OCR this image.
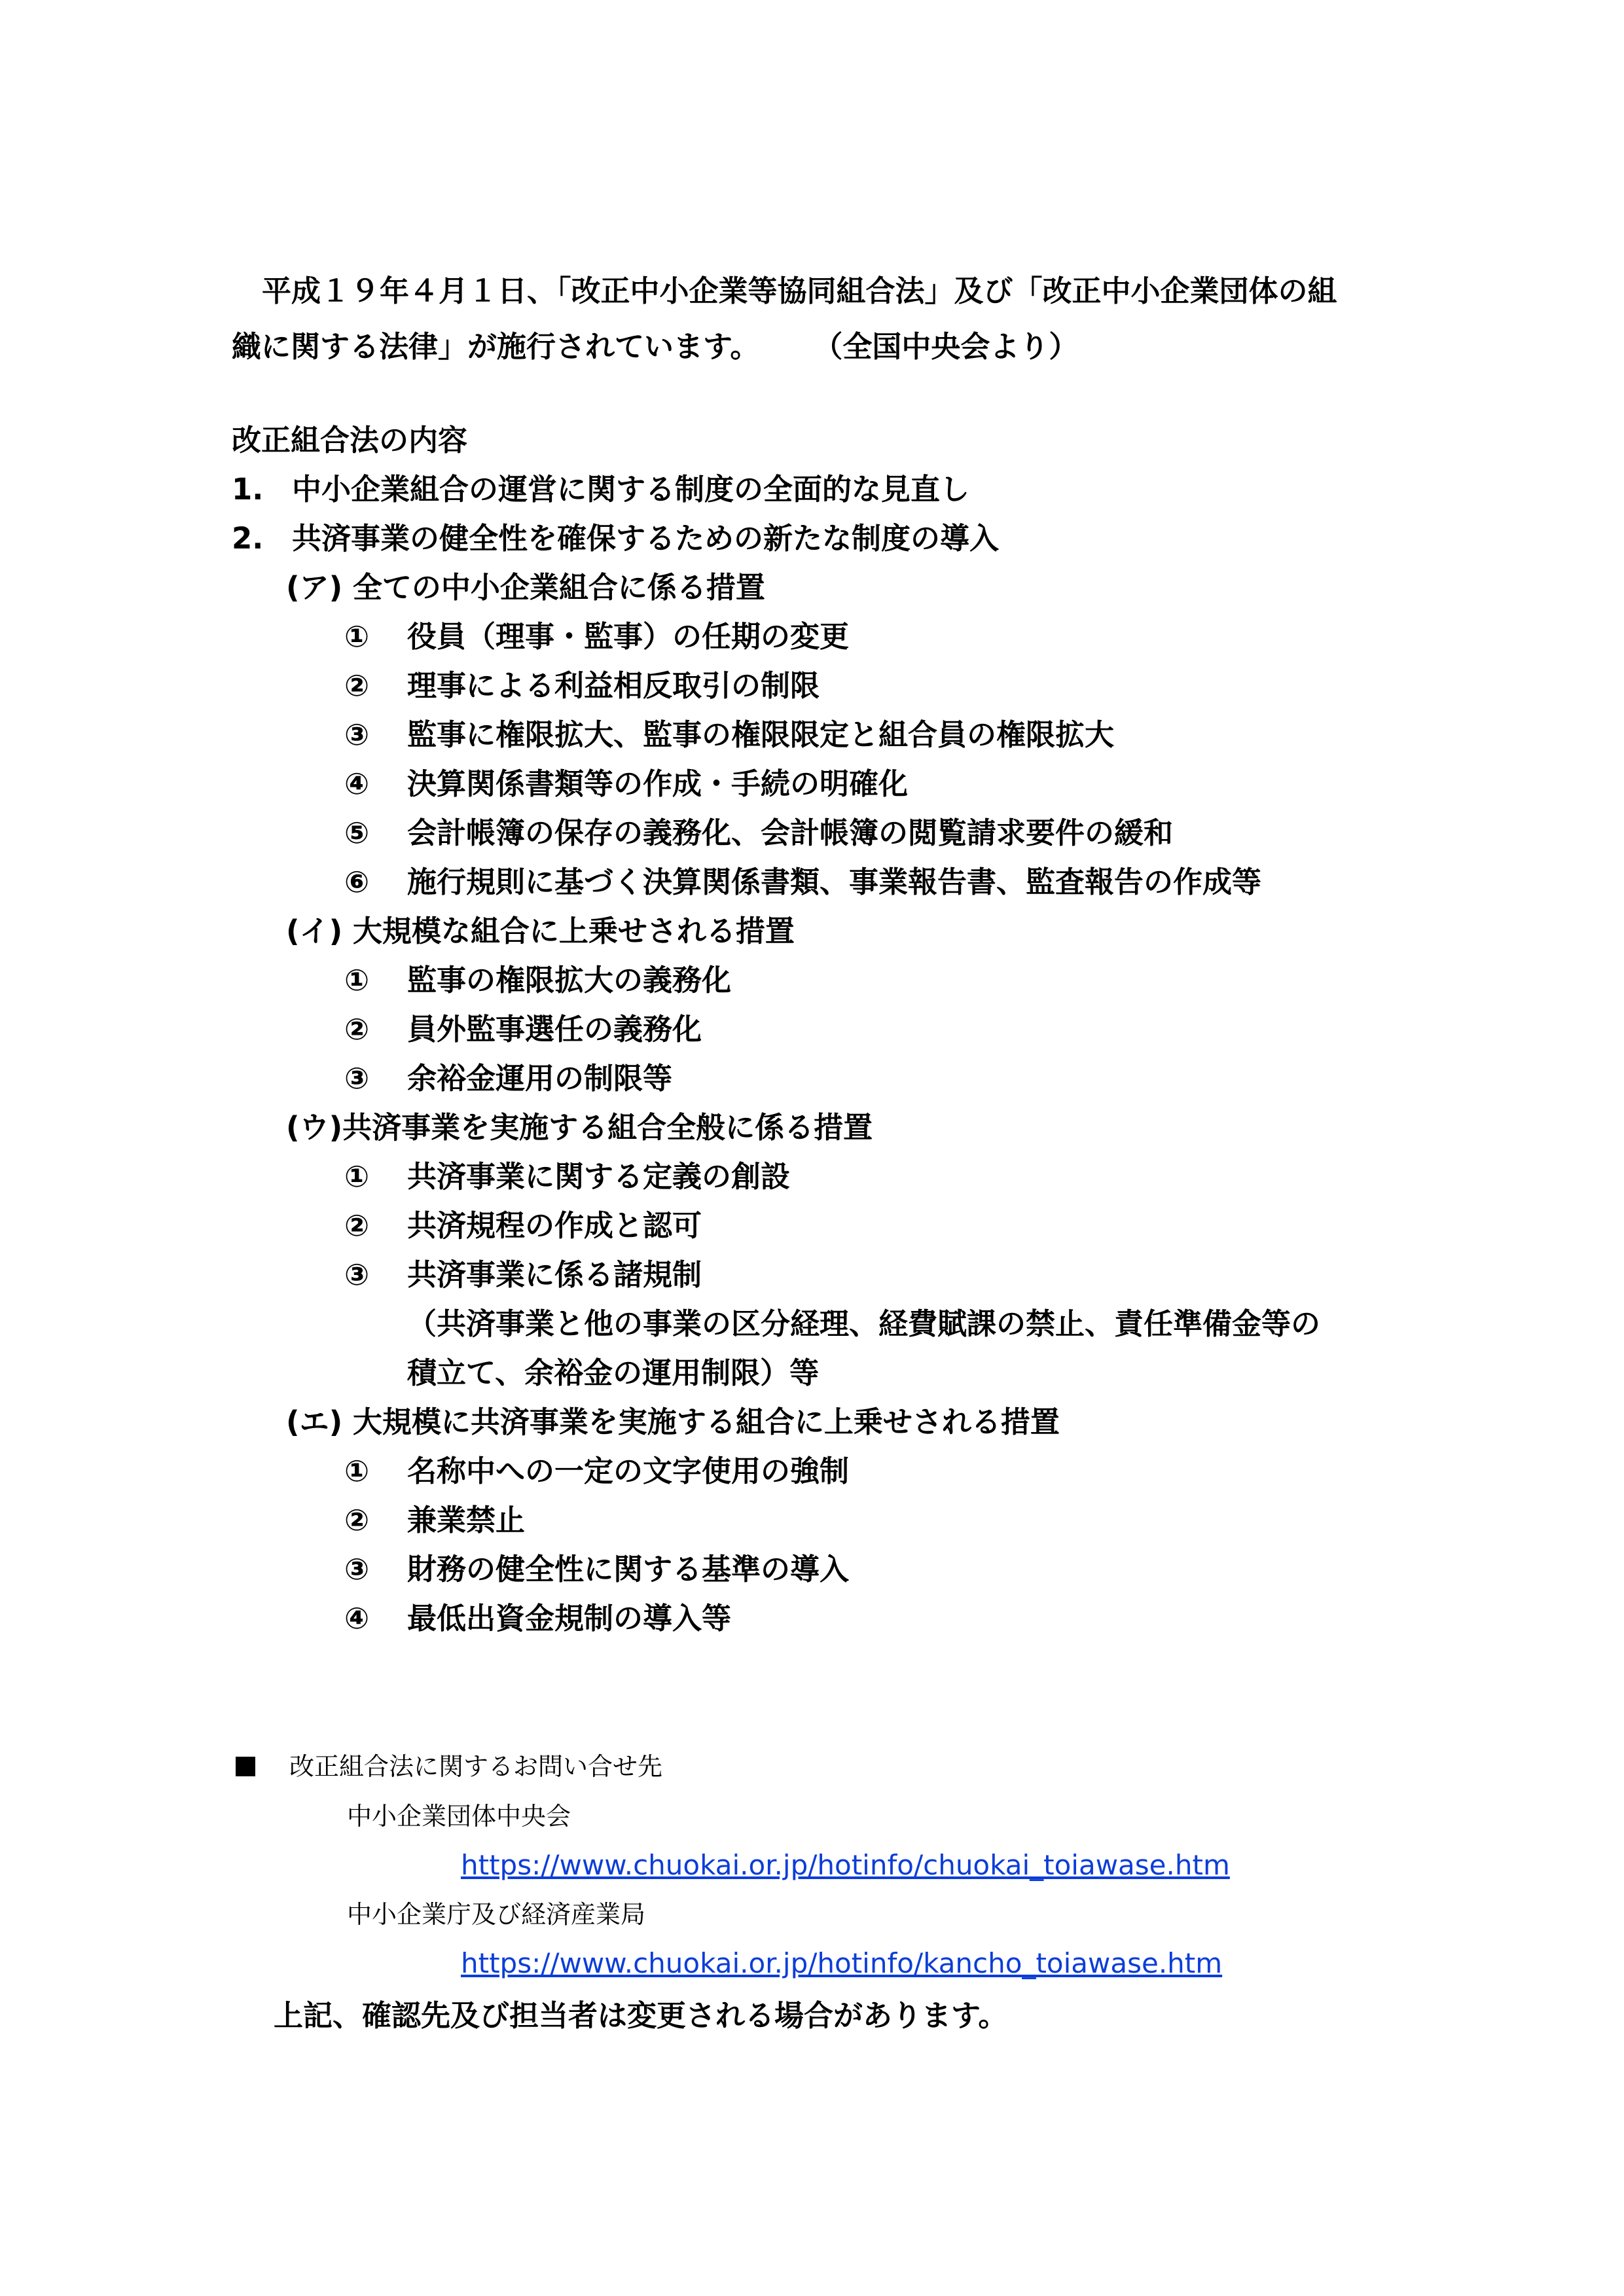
平成１９年４月１日、「改正中小企業等協同組合法」及び「改正中小企業団体の組
織に関する法律」が施行されています。 （全国中央会より）
改正組合法の内容
1. 中小企業組合の運営に関する制度の全面的な見直し
2. 共済事業の健全性を確保するための新たな制度の導入
(ア) 全ての中小企業組合に係る措置
① 役員（理事・監事）の任期の変更
② 理事による利益相反取引の制限
③ 監事に権限拡大、監事の権限限定と組合員の権限拡大
④ 決算関係書類等の作成・手続の明確化
⑤ 会計帳簿の保存の義務化、会計帳簿の閲覧請求要件の緩和
⑥ 施行規則に基づく決算関係書類、事業報告書、監査報告の作成等
(イ) 大規模な組合に上乗せされる措置
① 監事の権限拡大の義務化
② 員外監事選任の義務化
③ 余裕金運用の制限等
(ウ)共済事業を実施する組合全般に係る措置
① 共済事業に関する定義の創設
② 共済規程の作成と認可
③ 共済事業に係る諸規制
（共済事業と他の事業の区分経理、経費賦課の禁止、責任準備金等の
積立て、余裕金の運用制限）等
(エ) 大規模に共済事業を実施する組合に上乗せされる措置
① 名称中への一定の文字使用の強制
② 兼業禁止
③ 財務の健全性に関する基準の導入
④ 最低出資金規制の導入等
改正組合法に関するお問い合せ先
中小企業団体中央会
https://www.chuokai.or.jp/hotinfo/chuokai_toiawase.htm
中小企業庁及び経済産業局
https://www.chuokai.or.jp/hotinfo/kancho_toiawase.htm
上記、確認先及び担当者は変更される場合があります。
